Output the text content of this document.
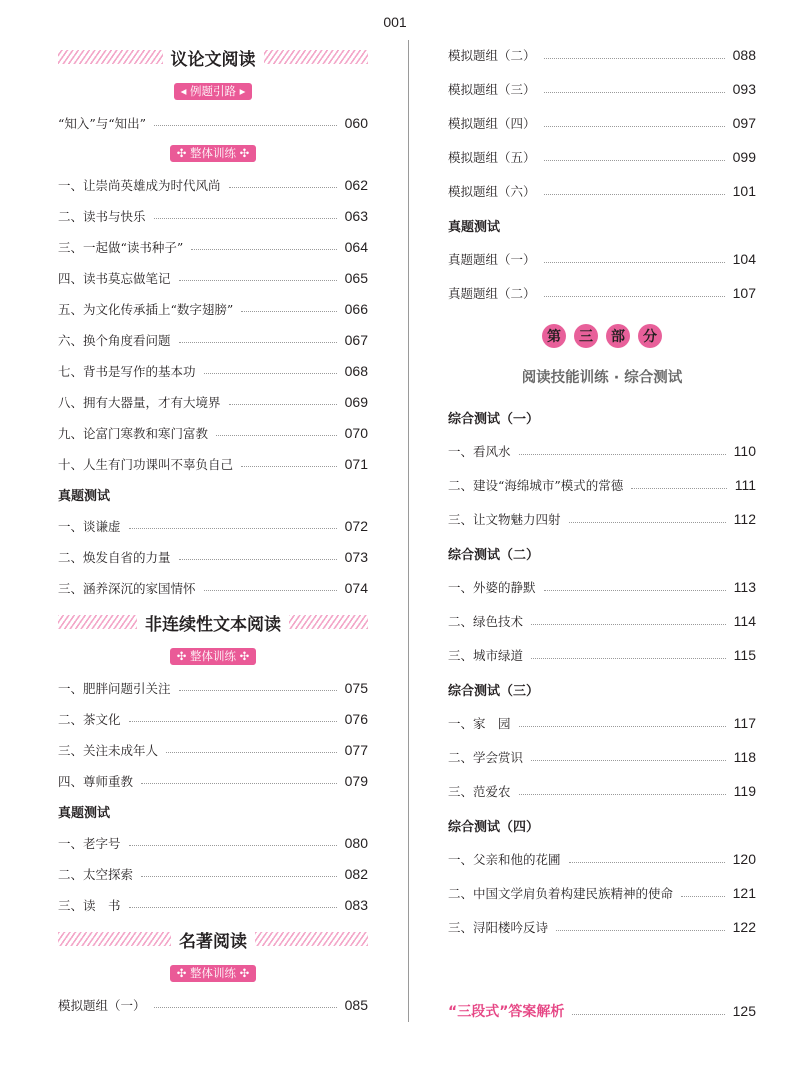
001
议论文阅读
◂ 例题引路 ▸
“知入”与“知出”	060
✣ 整体训练 ✣
一、让崇尚英雄成为时代风尚	062
二、读书与快乐	063
三、一起做“读书种子”	064
四、读书莫忘做笔记	065
五、为文化传承插上“数字翅膀”	066
六、换个角度看问题	067
七、背书是写作的基本功	068
八、拥有大器量，才有大境界	069
九、论富门寒教和寒门富教	070
十、人生有门功课叫不辜负自己	071
真题测试
一、谈谦虚	072
二、焕发自省的力量	073
三、涵养深沉的家国情怀	074
非连续性文本阅读
✣ 整体训练 ✣
一、肥胖问题引关注	075
二、茶文化	076
三、关注未成年人	077
四、尊师重教	079
真题测试
一、老字号	080
二、太空探索	082
三、读　书	083
名著阅读
✣ 整体训练 ✣
模拟题组（一）	085
模拟题组（二）	088
模拟题组（三）	093
模拟题组（四）	097
模拟题组（五）	099
模拟题组（六）	101
真题测试
真题题组（一）	104
真题题组（二）	107
第	三	部	分
阅读技能训练 · 综合测试
综合测试（一）
一、看风水	110
二、建设“海绵城市”模式的常德	111
三、让文物魅力四射	112
综合测试（二）
一、外婆的静默	113
二、绿色技术	114
三、城市绿道	115
综合测试（三）
一、家　园	117
二、学会赏识	118
三、范爱农	119
综合测试（四）
一、父亲和他的花圃	120
二、中国文学肩负着构建民族精神的使命	121
三、浔阳楼吟反诗	122
“三段式”答案解析	125
